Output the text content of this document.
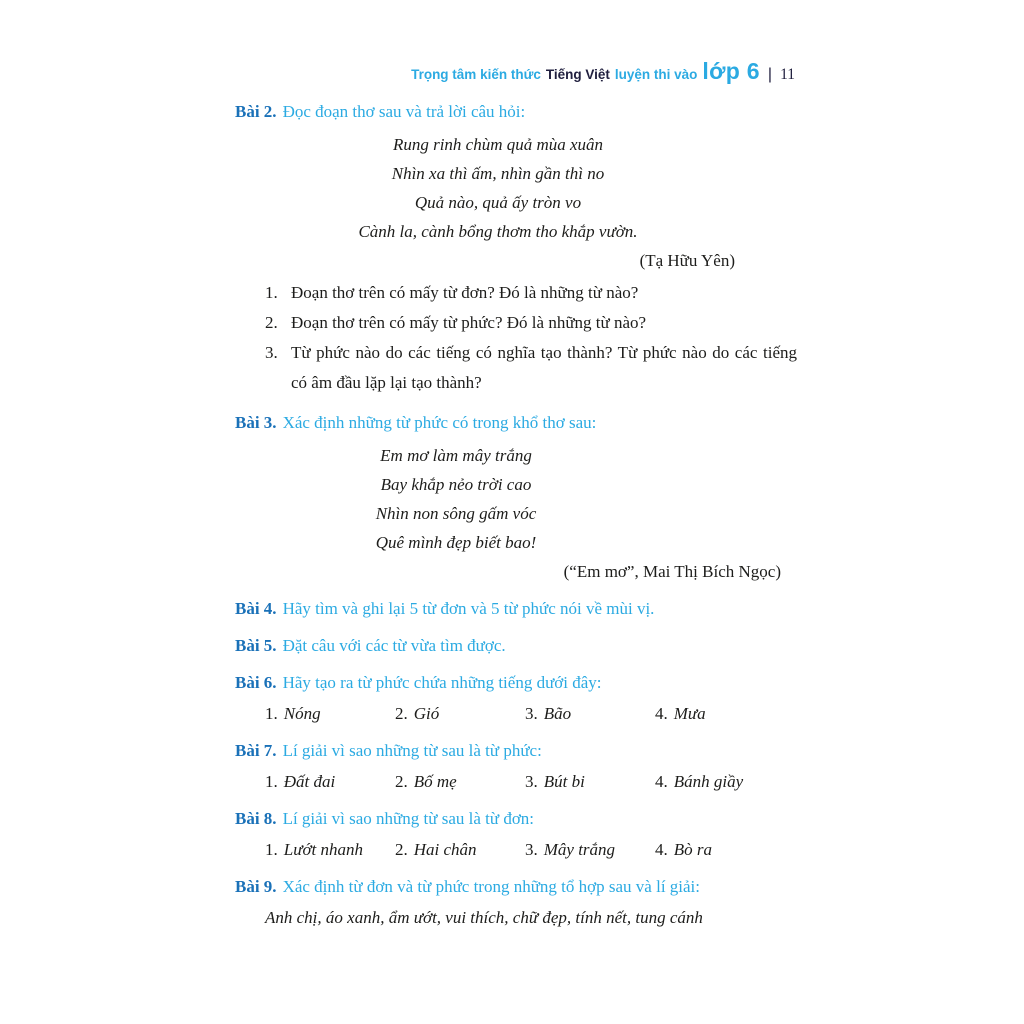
Trọng tâm kiến thức Tiếng Việt luyện thi vào lớp 6 | 11

Bài 2. Đọc đoạn thơ sau và trả lời câu hỏi:

Rung rinh chùm quả mùa xuân

Nhìn xa thì ấm, nhìn gần thì no

Quả nào, quả ấy tròn vo

Cành la, cành bổng thơm tho khắp vườn.

(Tạ Hữu Yên)

1. Đoạn thơ trên có mấy từ đơn? Đó là những từ nào?
2. Đoạn thơ trên có mấy từ phức? Đó là những từ nào?
3. Từ phức nào do các tiếng có nghĩa tạo thành? Từ phức nào do các tiếng có âm đầu lặp lại tạo thành?

Bài 3. Xác định những từ phức có trong khổ thơ sau:

Em mơ làm mây trắng

Bay khắp nẻo trời cao

Nhìn non sông gấm vóc

Quê mình đẹp biết bao!

(“Em mơ”, Mai Thị Bích Ngọc)

Bài 4. Hãy tìm và ghi lại 5 từ đơn và 5 từ phức nói về mùi vị.

Bài 5. Đặt câu với các từ vừa tìm được.

Bài 6. Hãy tạo ra từ phức chứa những tiếng dưới đây:

1. Nóng	2. Gió	3. Bão	4. Mưa

Bài 7. Lí giải vì sao những từ sau là từ phức:

1. Đất đai	2. Bố mẹ	3. Bút bi	4. Bánh giầy

Bài 8. Lí giải vì sao những từ sau là từ đơn:

1. Lướt nhanh	2. Hai chân	3. Mây trắng	4. Bò ra

Bài 9. Xác định từ đơn và từ phức trong những tổ hợp sau và lí giải:

Anh chị, áo xanh, ẩm ướt, vui thích, chữ đẹp, tính nết, tung cánh
